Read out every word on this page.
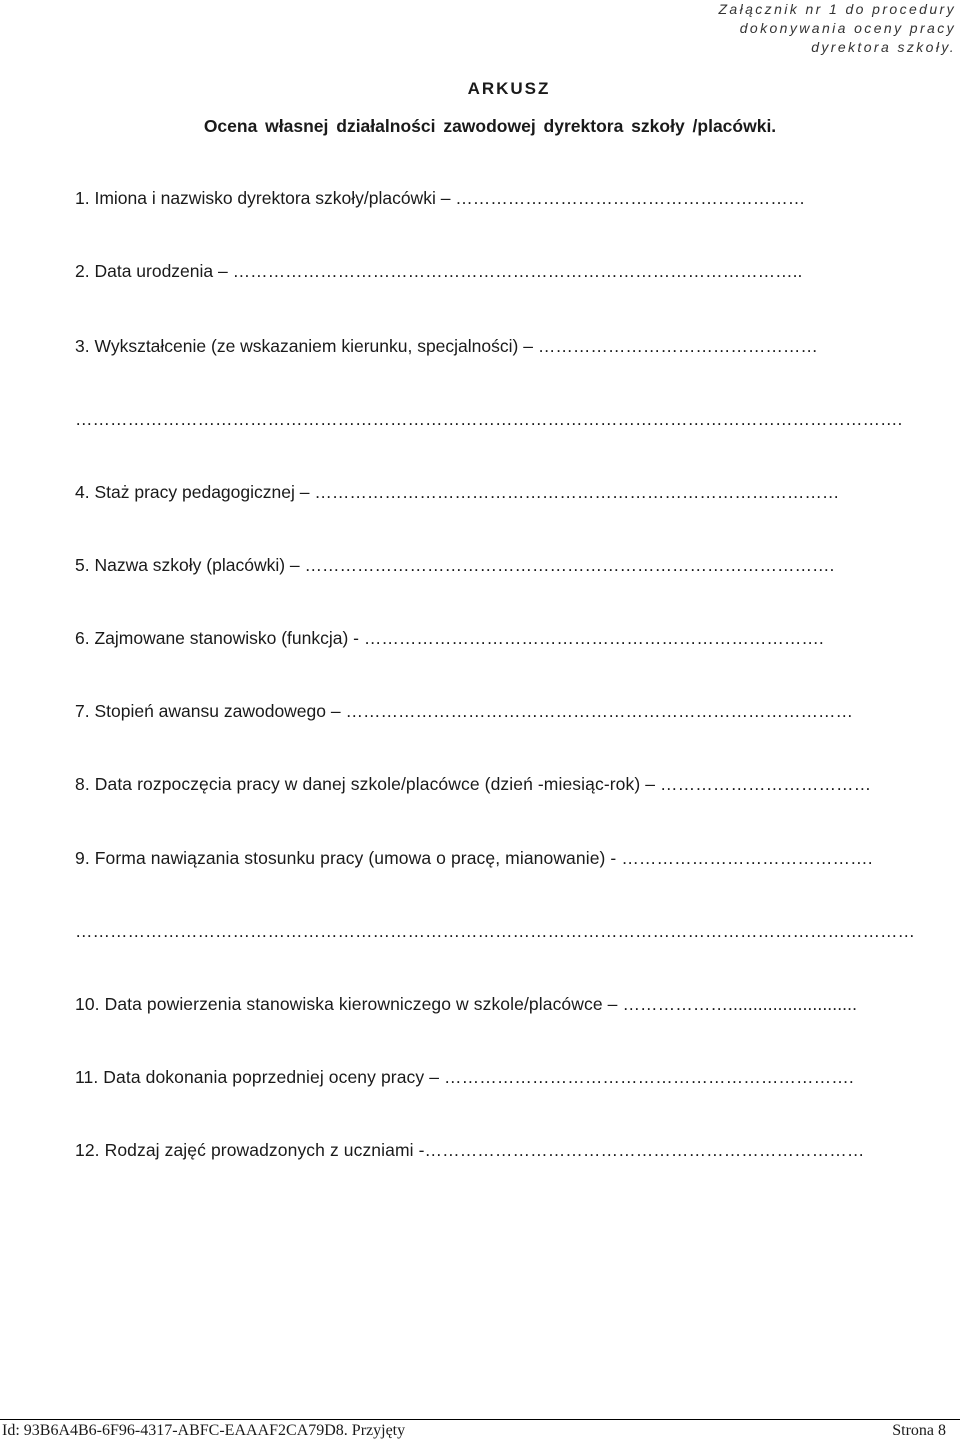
Załącznik nr 1 do procedury
dokonywania oceny pracy
dyrektora szkoły.
ARKUSZ
Ocena własnej działalności zawodowej dyrektora szkoły /placówki.
1. Imiona i nazwisko dyrektora szkoły/placówki – ……………………………………………………
2. Data urodzenia – ……………………………………………………………………………………..
3. Wykształcenie (ze wskazaniem kierunku, specjalności) – …………………………………………
…………………………………………………………………………………………………………………………….
4. Staż pracy pedagogicznej – ………………………………………………………………………………
5. Nazwa szkoły (placówki) – ……………………………………………………………………………….
6. Zajmowane stanowisko (funkcja) - …………………………………………………………………….
7. Stopień awansu zawodowego – ……………………………………………………………………………
8. Data rozpoczęcia pracy w danej szkole/placówce (dzień -miesiąc-rok) – ………………………………
9. Forma nawiązania stosunku pracy (umowa o pracę, mianowanie) - …………………………………….
………………………………………………………………………………………………………………………………
10. Data powierzenia stanowiska kierowniczego w szkole/placówce – ………………..........................
11. Data dokonania poprzedniej oceny pracy – …………………………………………………………….
12. Rodzaj zajęć prowadzonych z uczniami -…………………………………………………………………
Id: 93B6A4B6-6F96-4317-ABFC-EAAAF2CA79D8. Przyjęty	Strona 8
